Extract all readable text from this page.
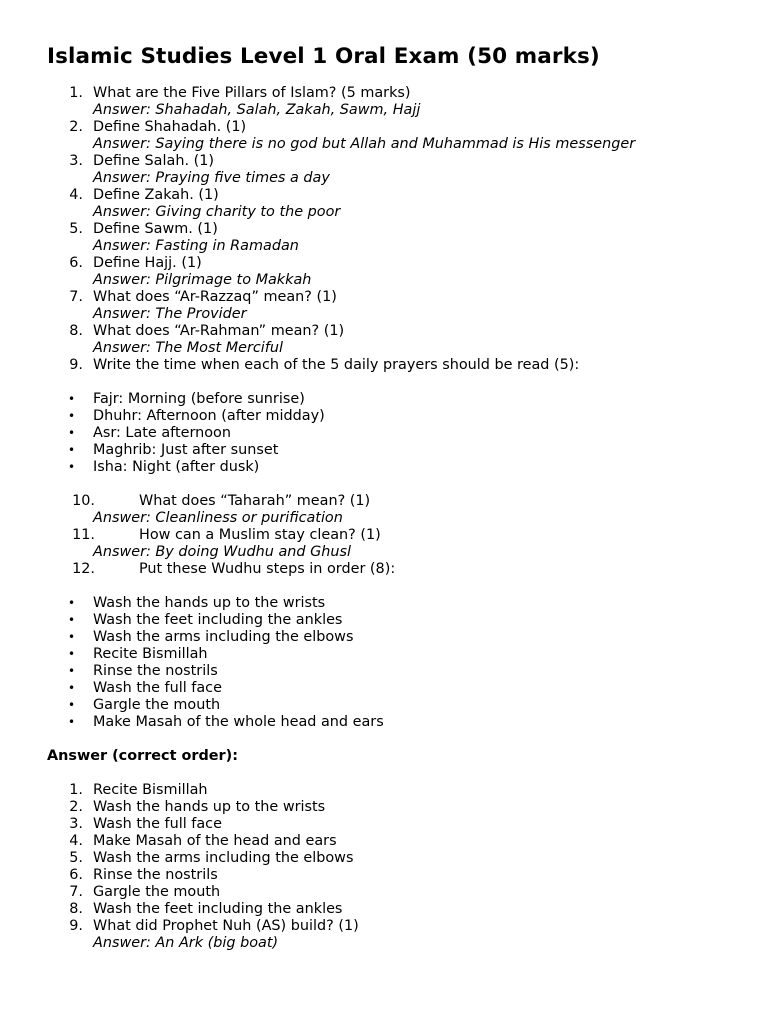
Islamic Studies Level 1 Oral Exam (50 marks)
1. What are the Five Pillars of Islam? (5 marks)
Answer: Shahadah, Salah, Zakah, Sawm, Hajj
2. Define Shahadah. (1)
Answer: Saying there is no god but Allah and Muhammad is His messenger
3. Define Salah. (1)
Answer: Praying five times a day
4. Define Zakah. (1)
Answer: Giving charity to the poor
5. Define Sawm. (1)
Answer: Fasting in Ramadan
6. Define Hajj. (1)
Answer: Pilgrimage to Makkah
7. What does “Ar-Razzaq” mean? (1)
Answer: The Provider
8. What does “Ar-Rahman” mean? (1)
Answer: The Most Merciful
9. Write the time when each of the 5 daily prayers should be read (5):
• Fajr: Morning (before sunrise)
• Dhuhr: Afternoon (after midday)
• Asr: Late afternoon
• Maghrib: Just after sunset
• Isha: Night (after dusk)
10.	What does “Taharah” mean? (1)
Answer: Cleanliness or purification
11.	How can a Muslim stay clean? (1)
Answer: By doing Wudhu and Ghusl
12.	Put these Wudhu steps in order (8):
• Wash the hands up to the wrists
• Wash the feet including the ankles
• Wash the arms including the elbows
• Recite Bismillah
• Rinse the nostrils
• Wash the full face
• Gargle the mouth
• Make Masah of the whole head and ears
Answer (correct order):
1. Recite Bismillah
2. Wash the hands up to the wrists
3. Wash the full face
4. Make Masah of the head and ears
5. Wash the arms including the elbows
6. Rinse the nostrils
7. Gargle the mouth
8. Wash the feet including the ankles
9. What did Prophet Nuh (AS) build? (1)
Answer: An Ark (big boat)
